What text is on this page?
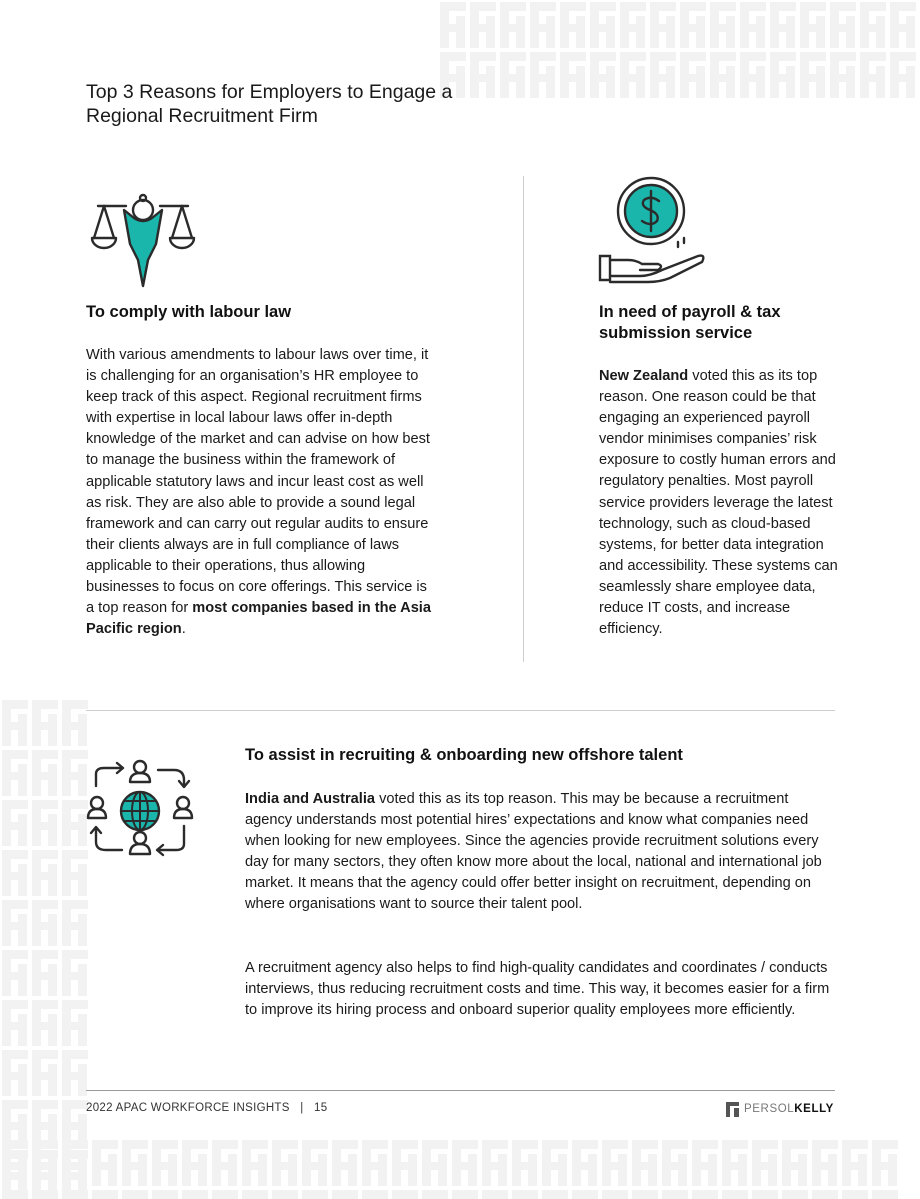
Top 3 Reasons for Employers to Engage a Regional Recruitment Firm
To comply with labour law

With various amendments to labour laws over time, it is challenging for an organisation’s HR employee to keep track of this aspect. Regional recruitment firms with expertise in local labour laws offer in-depth knowledge of the market and can advise on how best to manage the business within the framework of applicable statutory laws and incur least cost as well as risk. They are also able to provide a sound legal framework and can carry out regular audits to ensure their clients always are in full compliance of laws applicable to their operations, thus allowing businesses to focus on core offerings. This service is a top reason for most companies based in the Asia Pacific region.

In need of payroll & tax submission service

New Zealand voted this as its top reason. One reason could be that engaging an experienced payroll vendor minimises companies’ risk exposure to costly human errors and regulatory penalties. Most payroll service providers leverage the latest technology, such as cloud-based systems, for better data integration and accessibility. These systems can seamlessly share employee data, reduce IT costs, and increase efficiency.

To assist in recruiting & onboarding new offshore talent

India and Australia voted this as its top reason. This may be because a recruitment agency understands most potential hires’ expectations and know what companies need when looking for new employees. Since the agencies provide recruitment solutions every day for many sectors, they often know more about the local, national and international job market. It means that the agency could offer better insight on recruitment, depending on where organisations want to source their talent pool.

A recruitment agency also helps to find high-quality candidates and coordinates / conducts interviews, thus reducing recruitment costs and time. This way, it becomes easier for a firm to improve its hiring process and onboard superior quality employees more efficiently.

2022 APAC WORKFORCE INSIGHTS | 15	PERSOL KELLY
